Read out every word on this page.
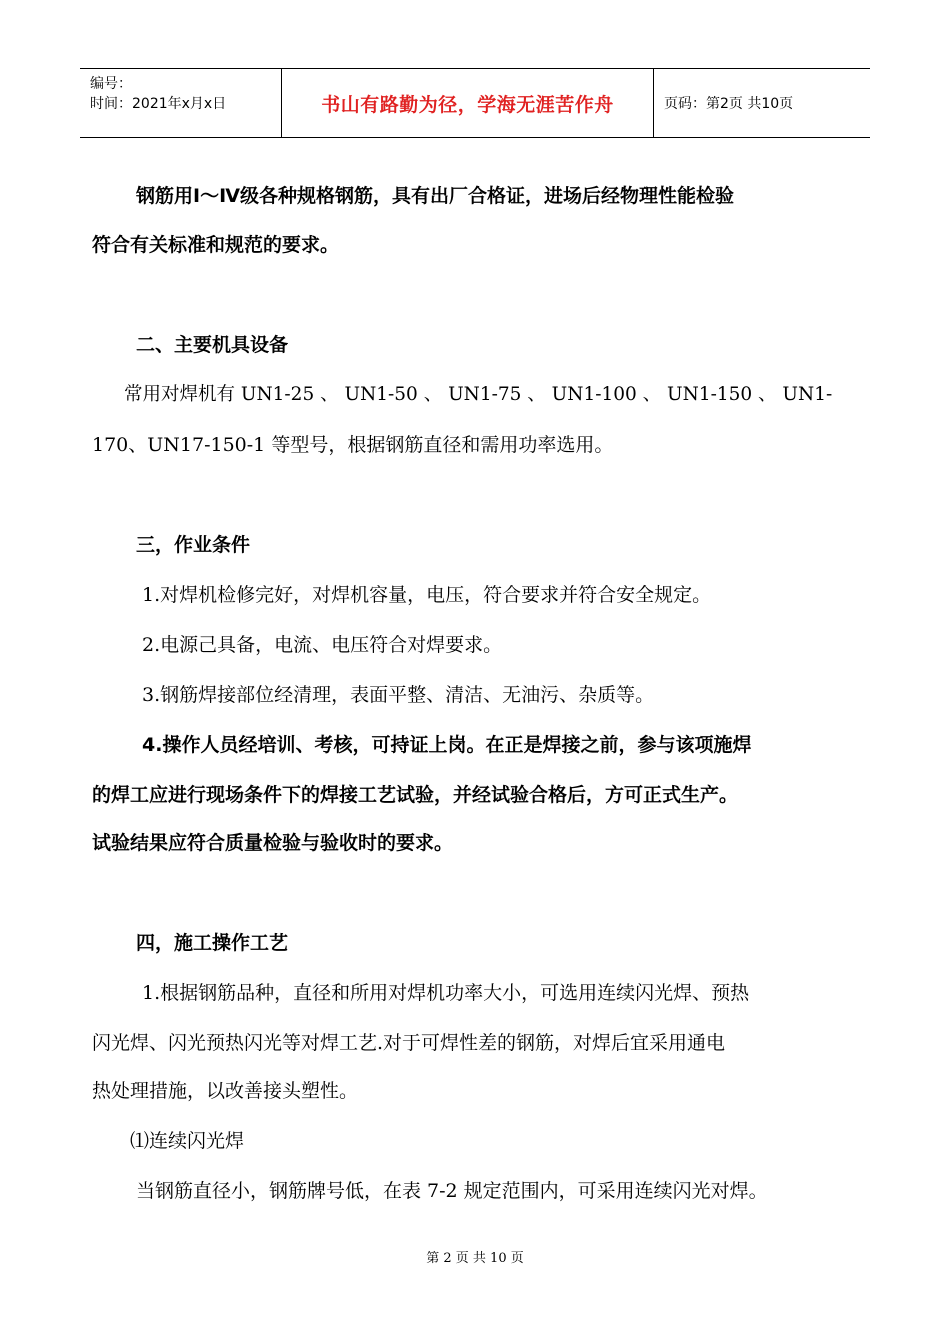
编号：
时间：2021年x月x日	书山有路勤为径，学海无涯苦作舟	页码：第2页 共10页
钢筋用Ⅰ～Ⅳ级各种规格钢筋，具有出厂合格证，进场后经物理性能检验
符合有关标准和规范的要求。
二、主要机具设备
常用对焊机有 UN1-25 、 UN1-50 、 UN1-75 、 UN1-100 、 UN1-150 、 UN1-
170、UN17-150-1 等型号，根据钢筋直径和需用功率选用。
三，作业条件
1.对焊机检修完好，对焊机容量，电压，符合要求并符合安全规定。
2.电源己具备，电流、电压符合对焊要求。
3.钢筋焊接部位经清理，表面平整、清洁、无油污、杂质等。
4.操作人员经培训、考核，可持证上岗。在正是焊接之前，参与该项施焊
的焊工应进行现场条件下的焊接工艺试验，并经试验合格后，方可正式生产。
试验结果应符合质量检验与验收时的要求。
四，施工操作工艺
1.根据钢筋品种，直径和所用对焊机功率大小，可选用连续闪光焊、预热
闪光焊、闪光预热闪光等对焊工艺.对于可焊性差的钢筋，对焊后宜采用通电
热处理措施，以改善接头塑性。
⑴连续闪光焊
当钢筋直径小，钢筋牌号低，在表 7-2 规定范围内，可采用连续闪光对焊。
第 2 页 共 10 页
